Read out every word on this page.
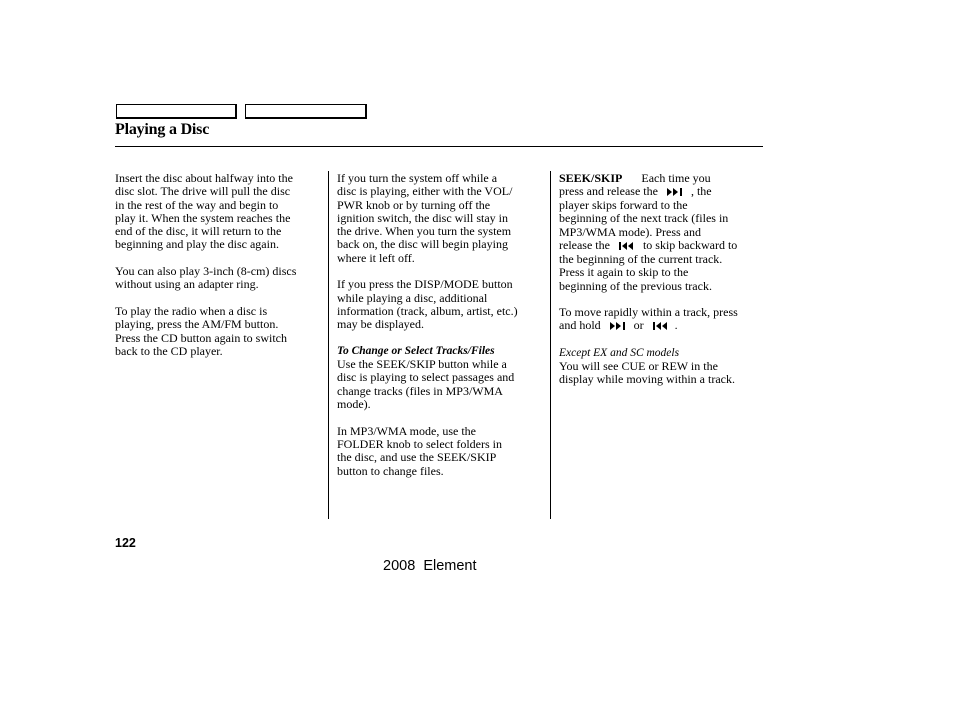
Playing a Disc

Insert the disc about halfway into the
disc slot. The drive will pull the disc
in the rest of the way and begin to
play it. When the system reaches the
end of the disc, it will return to the
beginning and play the disc again.

You can also play 3-inch (8-cm) discs
without using an adapter ring.

To play the radio when a disc is
playing, press the AM/FM button.
Press the CD button again to switch
back to the CD player.

If you turn the system off while a
disc is playing, either with the VOL/
PWR knob or by turning off the
ignition switch, the disc will stay in
the drive. When you turn the system
back on, the disc will begin playing
where it left off.

If you press the DISP/MODE button
while playing a disc, additional
information (track, album, artist, etc.)
may be displayed.

To Change or Select Tracks/Files
Use the SEEK/SKIP button while a
disc is playing to select passages and
change tracks (files in MP3/WMA
mode).

In MP3/WMA mode, use the
FOLDER knob to select folders in
the disc, and use the SEEK/SKIP
button to change files.

SEEK/SKIP Each time you
press and release the	, the
player skips forward to the
beginning of the next track (files in
MP3/WMA mode). Press and
release the	to skip backward to
the beginning of the current track.
Press it again to skip to the
beginning of the previous track.

To move rapidly within a track, press
and hold	or	.

Except EX and SC models
You will see CUE or REW in the
display while moving within a track.

122
2008  Element
